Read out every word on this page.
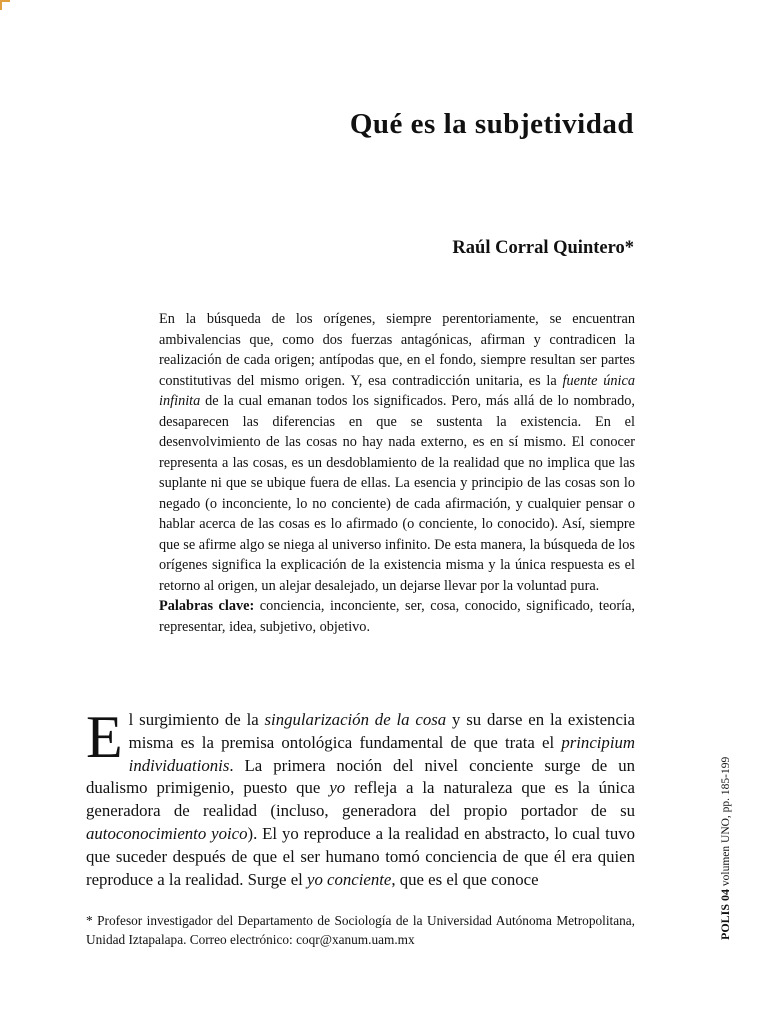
Qué es la subjetividad
Raúl Corral Quintero*

En la búsqueda de los orígenes, siempre perentoriamente, se encuentran ambivalencias que, como dos fuerzas antagónicas, afirman y contradicen la realización de cada origen; antípodas que, en el fondo, siempre resultan ser partes constitutivas del mismo origen. Y, esa contradicción unitaria, es la fuente única infinita de la cual emanan todos los significados. Pero, más allá de lo nombrado, desaparecen las diferencias en que se sustenta la existencia. En el desenvolvimiento de las cosas no hay nada externo, es en sí mismo. El conocer representa a las cosas, es un desdoblamiento de la realidad que no implica que las suplante ni que se ubique fuera de ellas. La esencia y principio de las cosas son lo negado (o inconciente, lo no conciente) de cada afirmación, y cualquier pensar o hablar acerca de las cosas es lo afirmado (o conciente, lo conocido). Así, siempre que se afirme algo se niega al universo infinito. De esta manera, la búsqueda de los orígenes significa la explicación de la existencia misma y la única respuesta es el retorno al origen, un alejar desalejado, un dejarse llevar por la voluntad pura.

Palabras clave: conciencia, inconciente, ser, cosa, conocido, significado, teoría, representar, idea, subjetivo, objetivo.

El surgimiento de la singularización de la cosa y su darse en la existencia misma es la premisa ontológica fundamental de que trata el principium individuationis. La primera noción del nivel conciente surge de un dualismo primigenio, puesto que yo refleja a la naturaleza que es la única generadora de realidad (incluso, generadora del propio portador de su autoconocimiento yoico). El yo reproduce a la realidad en abstracto, lo cual tuvo que suceder después de que el ser humano tomó conciencia de que él era quien reproduce a la realidad. Surge el yo conciente, que es el que conoce
* Profesor investigador del Departamento de Sociología de la Universidad Autónoma Metropolitana, Unidad Iztapalapa. Correo electrónico: coqr@xanum.uam.mx	POLIS 04 volumen UNO, pp. 185-199
